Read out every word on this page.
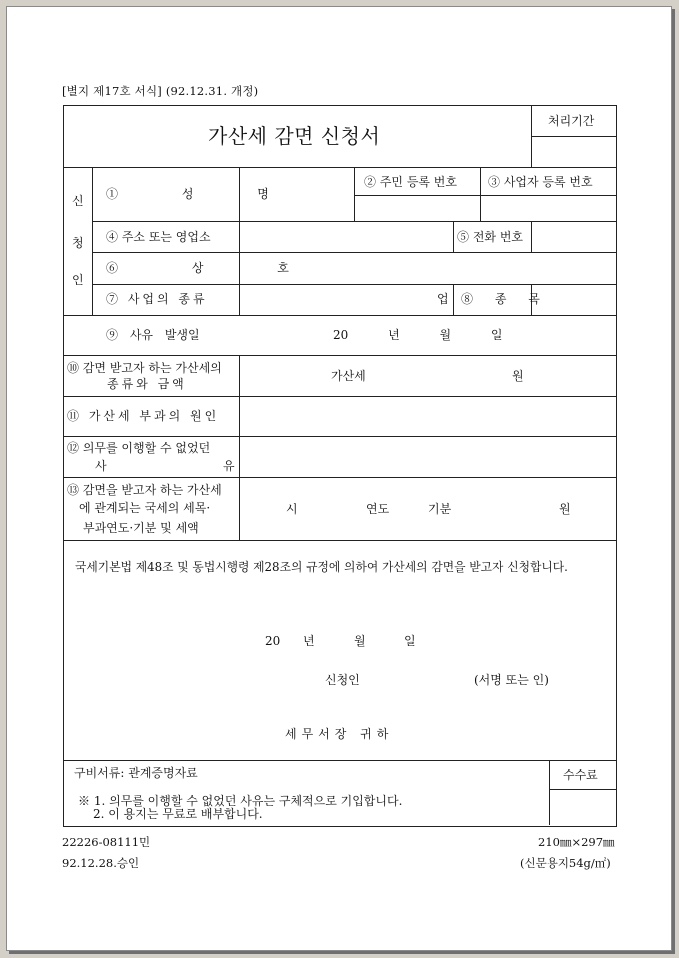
[별지 제17호 서식] (92.12.31. 개정)
가산세 감면 신청서
처리기간
신
청
인
① 성 명
② 주민 등록 번호	③ 사업자 등록 번호
④ 주소 또는 영업소	⑤ 전화 번호
⑥ 상 호
⑦ 사업의 종류	업 ⑧ 종 목
⑨ 사유 발생일	20 년 월 일
⑩ 감면 받고자 하는 가산세의
종류와 금액
가산세	원
⑪ 가산세 부과의 원인
⑫ 의무를 이행할 수 없었던
사	유
⑬ 감면을 받고자 하는 가산세
에 관계되는 국세의 세목·
부과연도·기분 및 세액
시	연도	기분	원
국세기본법 제48조 및 동법시행령 제28조의 규정에 의하여 가산세의 감면을 받고자 신청합니다.
20 년	월	일
신청인	(서명 또는 인)
세무서장 귀하
구비서류: 관계증명자료
※ 1. 의무를 이행할 수 없었던 사유는 구체적으로 기입합니다.
2. 이 용지는 무료로 배부합니다.
수수료
22226-08111민
92.12.28.승인
210㎜×297㎜
(신문용지54g/㎡)
